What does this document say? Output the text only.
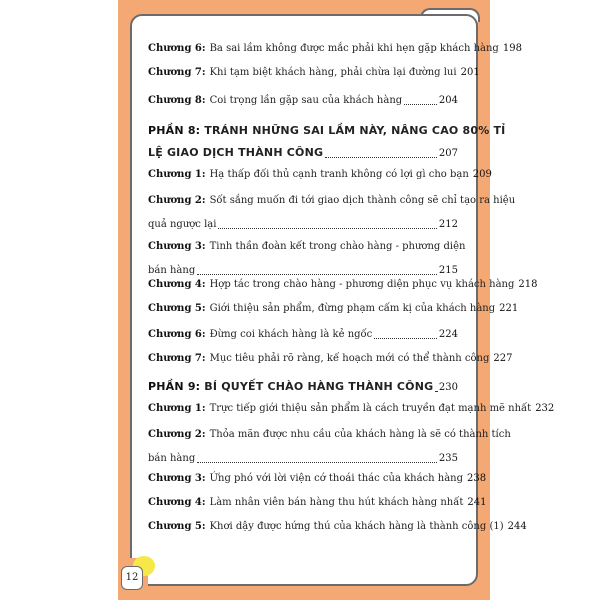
Chương 6: Ba sai lầm không được mắc phải khi hẹn gặp khách hàng 198
Chương 7: Khi tạm biệt khách hàng, phải chừa lại đường lui 201
Chương 8: Coi trọng lần gặp sau của khách hàng	204
PHẦN 8: TRÁNH NHỮNG SAI LẦM NÀY, NÂNG CAO 80% TỈ
LỆ GIAO DỊCH THÀNH CÔNG	207
Chương 1: Hạ thấp đối thủ cạnh tranh không có lợi gì cho bạn 209
Chương 2: Sốt sắng muốn đi tới giao dịch thành công sẽ chỉ tạo ra hiệu
quả ngược lại	212
Chương 3: Tinh thần đoàn kết trong chào hàng - phương diện
bán hàng	215
Chương 4: Hợp tác trong chào hàng - phương diện phục vụ khách hàng 218
Chương 5: Giới thiệu sản phẩm, đừng phạm cấm kị của khách hàng 221
Chương 6: Đừng coi khách hàng là kẻ ngốc	224
Chương 7: Mục tiêu phải rõ ràng, kế hoạch mới có thể thành công 227
PHẦN 9: BÍ QUYẾT CHÀO HÀNG THÀNH CÔNG 230
Chương 1: Trực tiếp giới thiệu sản phẩm là cách truyền đạt mạnh mẽ nhất 232
Chương 2: Thỏa mãn được nhu cầu của khách hàng là sẽ có thành tích
bán hàng	235
Chương 3: Ứng phó với lời viện cớ thoái thác của khách hàng 238
Chương 4: Làm nhân viên bán hàng thu hút khách hàng nhất 241
Chương 5: Khơi dậy được hứng thú của khách hàng là thành công (1) 244
12
